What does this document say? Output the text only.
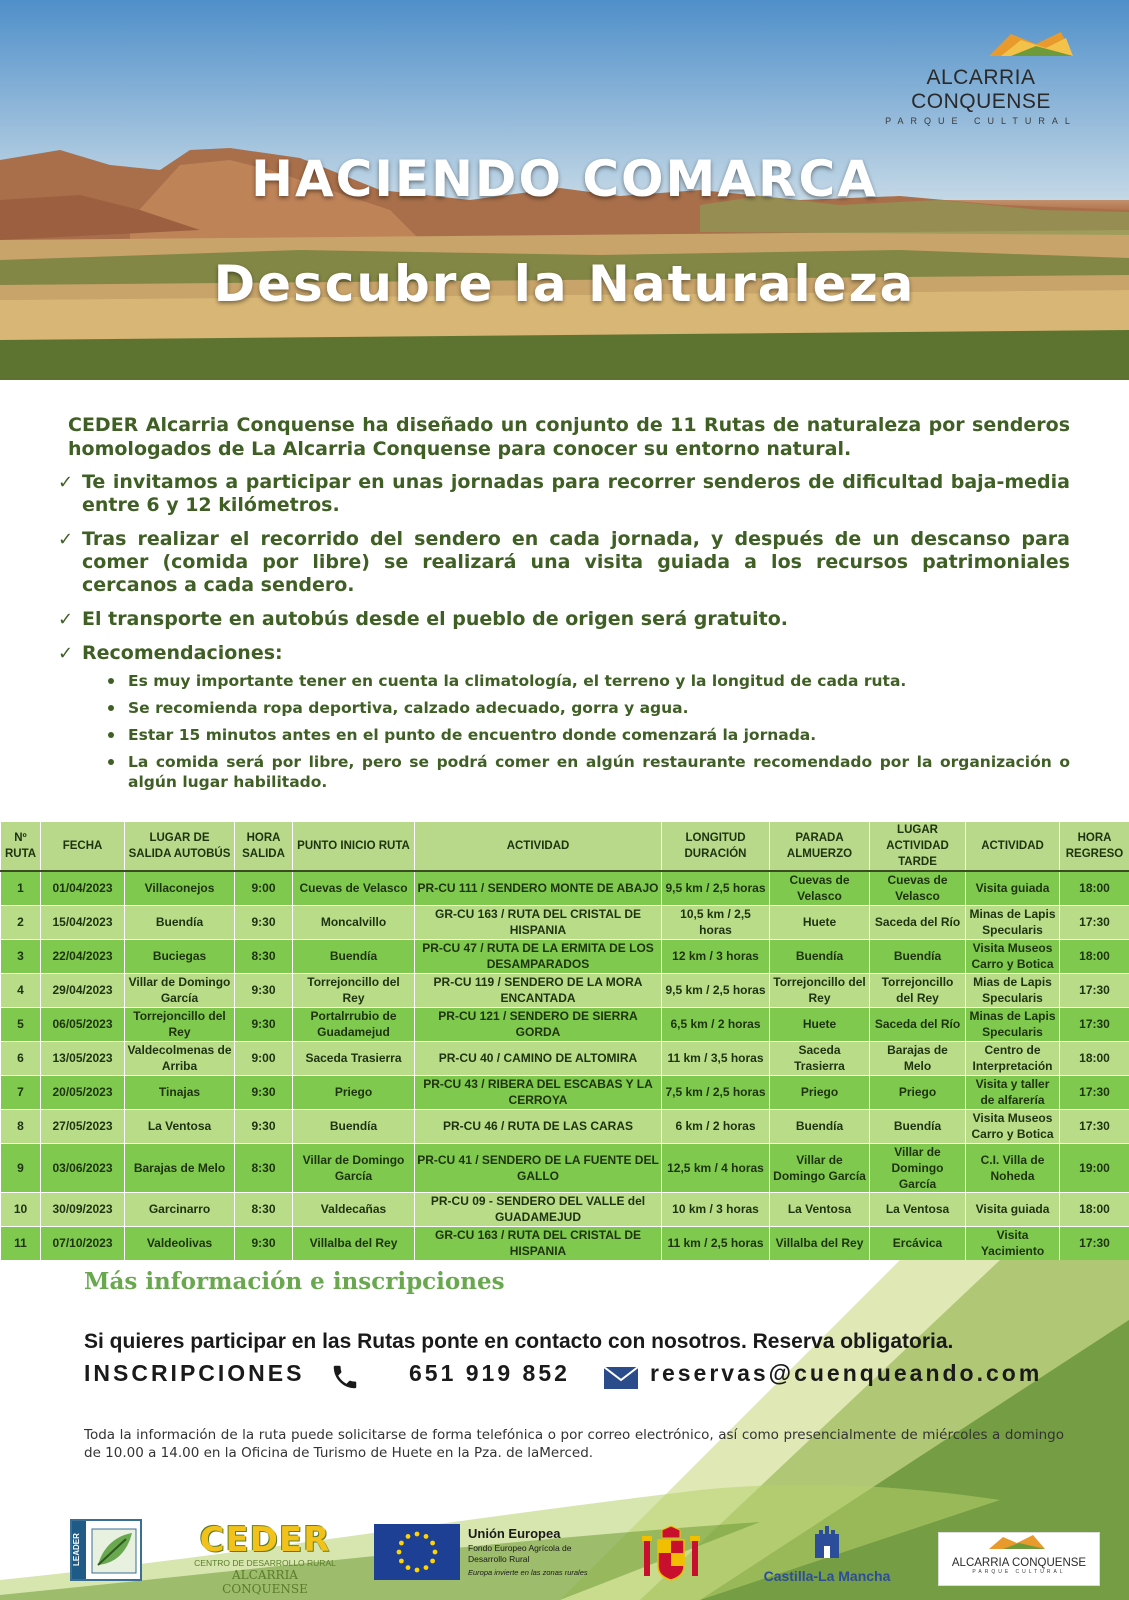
ALCARRIA CONQUENSE
PARQUE CULTURAL
HACIENDO COMARCA
Descubre la Naturaleza

CEDER Alcarria Conquense ha diseñado un conjunto de 11 Rutas de naturaleza por senderos homologados de La Alcarria Conquense para conocer su entorno natural.

✓ Te invitamos a participar en unas jornadas para recorrer senderos de dificultad baja-media entre 6 y 12 kilómetros.
✓ Tras realizar el recorrido del sendero en cada jornada, y después de un descanso para comer (comida por libre) se realizará una visita guiada a los recursos patrimoniales cercanos a cada sendero.
✓ El transporte en autobús desde el pueblo de origen será gratuito.
✓ Recomendaciones:
Es muy importante tener en cuenta la climatología, el terreno y la longitud de cada ruta.
Se recomienda ropa deportiva, calzado adecuado, gorra y agua.
Estar 15 minutos antes en el punto de encuentro donde comenzará la jornada.
La comida será por libre, pero se podrá comer en algún restaurante recomendado por la organización o algún lugar habilitado.
Nº RUTA	FECHA	LUGAR DE SALIDA AUTOBÚS	HORA SALIDA	PUNTO INICIO RUTA	ACTIVIDAD	LONGITUD DURACIÓN	PARADA ALMUERZO	LUGAR ACTIVIDAD TARDE	ACTIVIDAD	HORA REGRESO
1	01/04/2023	Villaconejos	9:00	Cuevas de Velasco	PR-CU 111 / SENDERO MONTE DE ABAJO	9,5 km / 2,5 horas	Cuevas de Velasco	Cuevas de Velasco	Visita guiada	18:00
2	15/04/2023	Buendía	9:30	Moncalvillo	GR-CU 163 / RUTA DEL CRISTAL DE HISPANIA	10,5 km / 2,5 horas	Huete	Saceda del Río	Minas de Lapis Specularis	17:30
3	22/04/2023	Buciegas	8:30	Buendía	PR-CU 47 / RUTA DE LA ERMITA DE LOS DESAMPARADOS	12 km / 3 horas	Buendía	Buendía	Visita Museos Carro y Botica	18:00
4	29/04/2023	Villar de Domingo García	9:30	Torrejoncillo del Rey	PR-CU 119 / SENDERO DE LA MORA ENCANTADA	9,5 km / 2,5 horas	Torrejoncillo del Rey	Torrejoncillo del Rey	Mias de Lapis Specularis	17:30
5	06/05/2023	Torrejoncillo del Rey	9:30	Portalrrubio de Guadamejud	PR-CU 121 / SENDERO DE SIERRA GORDA	6,5 km / 2 horas	Huete	Saceda del Río	Minas de Lapis Specularis	17:30
6	13/05/2023	Valdecolmenas de Arriba	9:00	Saceda Trasierra	PR-CU 40 / CAMINO DE ALTOMIRA	11 km / 3,5 horas	Saceda Trasierra	Barajas de Melo	Centro de Interpretación	18:00
7	20/05/2023	Tinajas	9:30	Priego	PR-CU 43 / RIBERA DEL ESCABAS Y LA CERROYA	7,5 km / 2,5 horas	Priego	Priego	Visita y taller de alfarería	17:30
8	27/05/2023	La Ventosa	9:30	Buendía	PR-CU 46 / RUTA DE LAS CARAS	6 km / 2 horas	Buendía	Buendía	Visita Museos Carro y Botica	17:30
9	03/06/2023	Barajas de Melo	8:30	Villar de Domingo García	PR-CU 41 / SENDERO DE LA FUENTE DEL GALLO	12,5 km / 4 horas	Villar de Domingo García	Villar de Domingo García	C.I. Villa de Noheda	19:00
10	30/09/2023	Garcinarro	8:30	Valdecañas	PR-CU 09 - SENDERO DEL VALLE del GUADAMEJUD	10 km / 3 horas	La Ventosa	La Ventosa	Visita guiada	18:00
11	07/10/2023	Valdeolivas	9:30	Villalba del Rey	GR-CU 163 / RUTA DEL CRISTAL DE HISPANIA	11 km / 2,5 horas	Villalba del Rey	Ercávica	Visita Yacimiento	17:30
Más información e inscripciones
Si quieres participar en las Rutas ponte en contacto con nosotros. Reserva obligatoria.
INSCRIPCIONES	651 919 852	reservas@cuenqueando.com
Toda la información de la ruta puede solicitarse de forma telefónica o por correo electrónico, así como presencialmente de miércoles a domingo de 10.00 a 14.00 en la Oficina de Turismo de Huete en la Pza. de laMerced.
LEADER	CEDER
CENTRO DE DESARROLLO RURAL
ALCARRIA CONQUENSE
Unión Europea
Fondo Europeo Agrícola de Desarrollo Rural
Europa invierte en las zonas rurales	Castilla-La Mancha
ALCARRIA CONQUENSE
PARQUE CULTURAL
